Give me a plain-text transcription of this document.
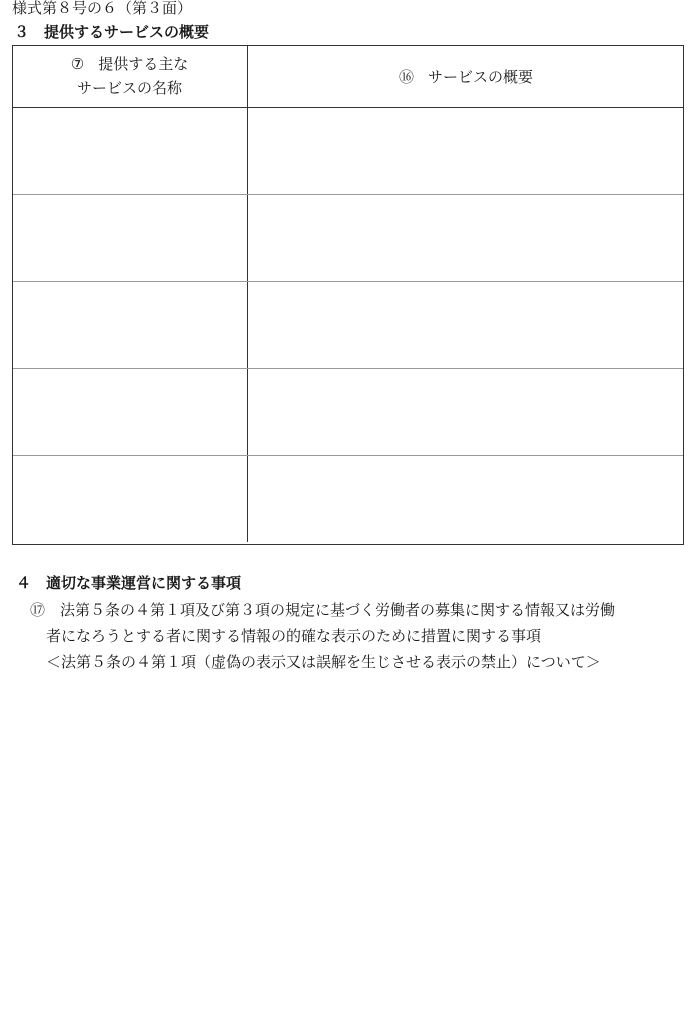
様式第８号の６（第３面）
３ 提供するサービスの概要
⑦ 提供する主な
サービスの名称	⑯ サービスの概要

４ 適切な事業運営に関する事項
⑰ 法第５条の４第１項及び第３項の規定に基づく労働者の募集に関する情報又は労働
者になろうとする者に関する情報の的確な表示のために措置に関する事項
＜法第５条の４第１項（虚偽の表示又は誤解を生じさせる表示の禁止）について＞
